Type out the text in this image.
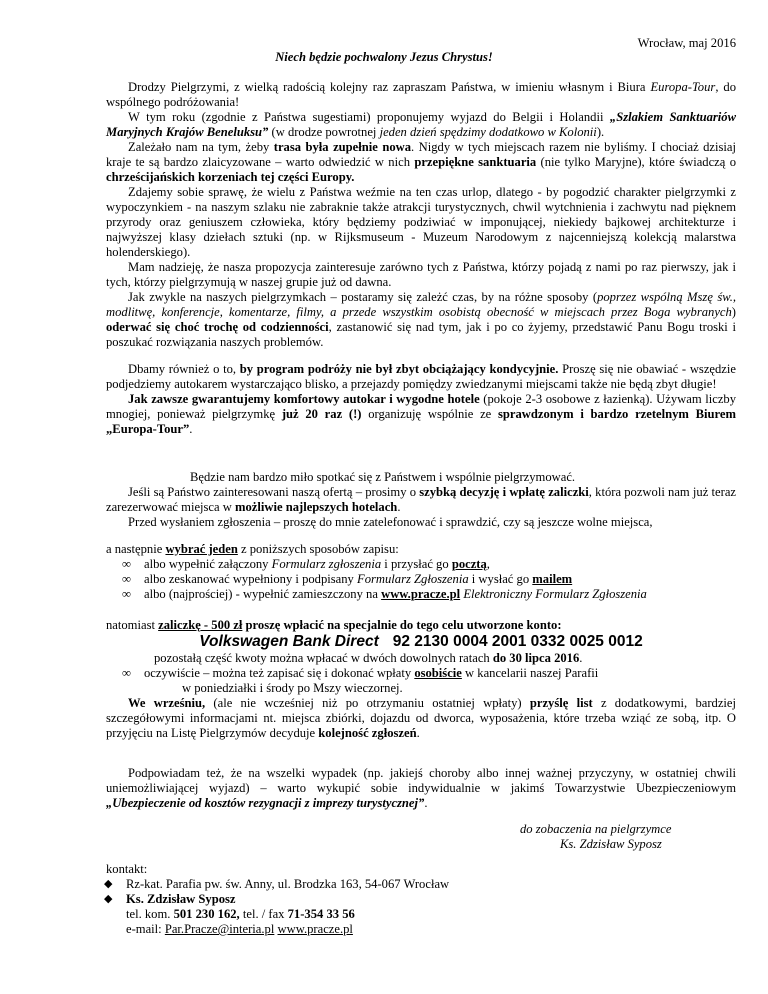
Wrocław, maj 2016
Niech będzie pochwalony Jezus Chrystus!

Drodzy Pielgrzymi, z wielką radością kolejny raz zapraszam Państwa, w imieniu własnym i Biura Europa-Tour, do wspólnego podróżowania!

W tym roku (zgodnie z Państwa sugestiami) proponujemy wyjazd do Belgii i Holandii „Szlakiem Sanktuariów Maryjnych Krajów Beneluksu” (w drodze powrotnej jeden dzień spędzimy dodatkowo w Kolonii).

Zależało nam na tym, żeby trasa była zupełnie nowa. Nigdy w tych miejscach razem nie byliśmy. I chociaż dzisiaj kraje te są bardzo zlaicyzowane – warto odwiedzić w nich przepiękne sanktuaria (nie tylko Maryjne), które świadczą o chrześcijańskich korzeniach tej części Europy.

Zdajemy sobie sprawę, że wielu z Państwa weźmie na ten czas urlop, dlatego - by pogodzić charakter pielgrzymki z wypoczynkiem - na naszym szlaku nie zabraknie także atrakcji turystycznych, chwil wytchnienia i zachwytu nad pięknem przyrody oraz geniuszem człowieka, który będziemy podziwiać w imponującej, niekiedy bajkowej architekturze i najwyższej klasy dziełach sztuki (np. w Rijksmuseum - Muzeum Narodowym z najcenniejszą kolekcją malarstwa holenderskiego).

Mam nadzieję, że nasza propozycja zainteresuje zarówno tych z Państwa, którzy pojadą z nami po raz pierwszy, jak i tych, którzy pielgrzymują w naszej grupie już od dawna.

Jak zwykle na naszych pielgrzymkach – postaramy się zależć czas, by na różne sposoby (poprzez wspólną Mszę św., modlitwę, konferencje, komentarze, filmy, a przede wszystkim osobistą obecność w miejscach przez Boga wybranych) oderwać się choć trochę od codzienności, zastanowić się nad tym, jak i po co żyjemy, przedstawić Panu Bogu troski i poszukać rozwiązania naszych problemów.

Dbamy również o to, by program podróży nie był zbyt obciążający kondycyjnie. Proszę się nie obawiać - wszędzie podjedziemy autokarem wystarczająco blisko, a przejazdy pomiędzy zwiedzanymi miejscami także nie będą zbyt długie!

Jak zawsze gwarantujemy komfortowy autokar i wygodne hotele (pokoje 2-3 osobowe z łazienką). Używam liczby mnogiej, ponieważ pielgrzymkę już 20 raz (!) organizuję wspólnie ze sprawdzonym i bardzo rzetelnym Biurem „Europa-Tour”.

Będzie nam bardzo miło spotkać się z Państwem i wspólnie pielgrzymować.

Jeśli są Państwo zainteresowani naszą ofertą – prosimy o szybką decyzję i wpłatę zaliczki, która pozwoli nam już teraz zarezerwować miejsca w możliwie najlepszych hotelach.

Przed wysłaniem zgłoszenia – proszę do mnie zatelefonować i sprawdzić, czy są jeszcze wolne miejsca,

a następnie wybrać jeden z poniższych sposobów zapisu:

∞ albo wypełnić załączony Formularz zgłoszenia i przysłać go pocztą,
∞ albo zeskanować wypełniony i podpisany Formularz Zgłoszenia i wysłać go mailem
∞ albo (najprościej) - wypełnić zamieszczony na www.pracze.pl Elektroniczny Formularz Zgłoszenia

natomiast zaliczkę - 500 zł proszę wpłacić na specjalnie do tego celu utworzone konto:

Volkswagen Bank Direct 92 2130 0004 2001 0332 0025 0012

pozostałą część kwoty można wpłacać w dwóch dowolnych ratach do 30 lipca 2016.

∞ oczywiście – można też zapisać się i dokonać wpłaty osobiście w kancelarii naszej Parafii

w poniedziałki i środy po Mszy wieczornej.

We wrześniu, (ale nie wcześniej niż po otrzymaniu ostatniej wpłaty) przyślę list z dodatkowymi, bardziej szczegółowymi informacjami nt. miejsca zbiórki, dojazdu od dworca, wyposażenia, które trzeba wziąć ze sobą, itp. O przyjęciu na Listę Pielgrzymów decyduje kolejność zgłoszeń.

Podpowiadam też, że na wszelki wypadek (np. jakiejś choroby albo innej ważnej przyczyny, w ostatniej chwili uniemożliwiającej wyjazd) – warto wykupić sobie indywidualnie w jakimś Towarzystwie Ubezpieczeniowym „Ubezpieczenie od kosztów rezygnacji z imprezy turystycznej”.

do zobaczenia na pielgrzymce
Ks. Zdzisław Syposz
kontakt:
◆ Rz-kat. Parafia pw. św. Anny, ul. Brodzka 163, 54-067 Wrocław
◆ Ks. Zdzisław Syposz
tel. kom. 501 230 162, tel. / fax 71-354 33 56
e-mail: Par.Pracze@interia.pl www.pracze.pl
